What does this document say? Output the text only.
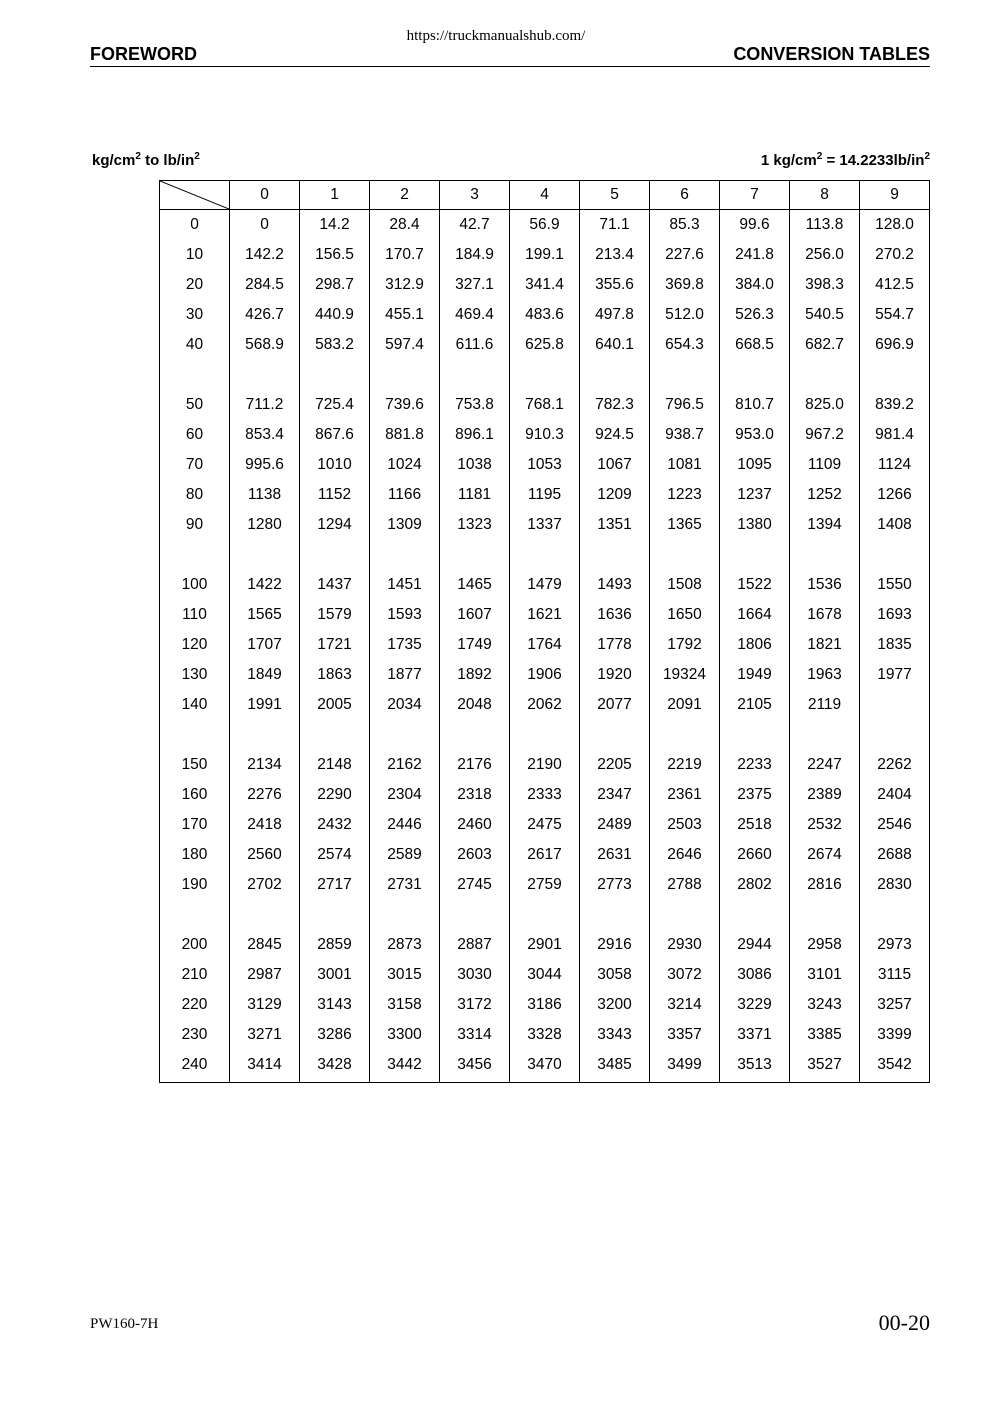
https://truckmanualshub.com/
FOREWORD	CONVERSION TABLES
$kg/cm^2$ to $lb/in^2$	1 $kg/cm^2 = 14.2233lb/in^2$
	0	1	2	3	4	5	6	7	8	9
0	0	14.2	28.4	42.7	56.9	71.1	85.3	99.6	113.8	128.0
10	142.2	156.5	170.7	184.9	199.1	213.4	227.6	241.8	256.0	270.2
20	284.5	298.7	312.9	327.1	341.4	355.6	369.8	384.0	398.3	412.5
30	426.7	440.9	455.1	469.4	483.6	497.8	512.0	526.3	540.5	554.7
40	568.9	583.2	597.4	611.6	625.8	640.1	654.3	668.5	682.7	696.9

50	711.2	725.4	739.6	753.8	768.1	782.3	796.5	810.7	825.0	839.2
60	853.4	867.6	881.8	896.1	910.3	924.5	938.7	953.0	967.2	981.4
70	995.6	1010	1024	1038	1053	1067	1081	1095	1109	1124
80	1138	1152	1166	1181	1195	1209	1223	1237	1252	1266
90	1280	1294	1309	1323	1337	1351	1365	1380	1394	1408

100	1422	1437	1451	1465	1479	1493	1508	1522	1536	1550
110	1565	1579	1593	1607	1621	1636	1650	1664	1678	1693
120	1707	1721	1735	1749	1764	1778	1792	1806	1821	1835
130	1849	1863	1877	1892	1906	1920	19324	1949	1963	1977
140	1991	2005	2034	2048	2062	2077	2091	2105	2119	

150	2134	2148	2162	2176	2190	2205	2219	2233	2247	2262
160	2276	2290	2304	2318	2333	2347	2361	2375	2389	2404
170	2418	2432	2446	2460	2475	2489	2503	2518	2532	2546
180	2560	2574	2589	2603	2617	2631	2646	2660	2674	2688
190	2702	2717	2731	2745	2759	2773	2788	2802	2816	2830

200	2845	2859	2873	2887	2901	2916	2930	2944	2958	2973
210	2987	3001	3015	3030	3044	3058	3072	3086	3101	3115
220	3129	3143	3158	3172	3186	3200	3214	3229	3243	3257
230	3271	3286	3300	3314	3328	3343	3357	3371	3385	3399
240	3414	3428	3442	3456	3470	3485	3499	3513	3527	3542
PW160-7H	00-20
